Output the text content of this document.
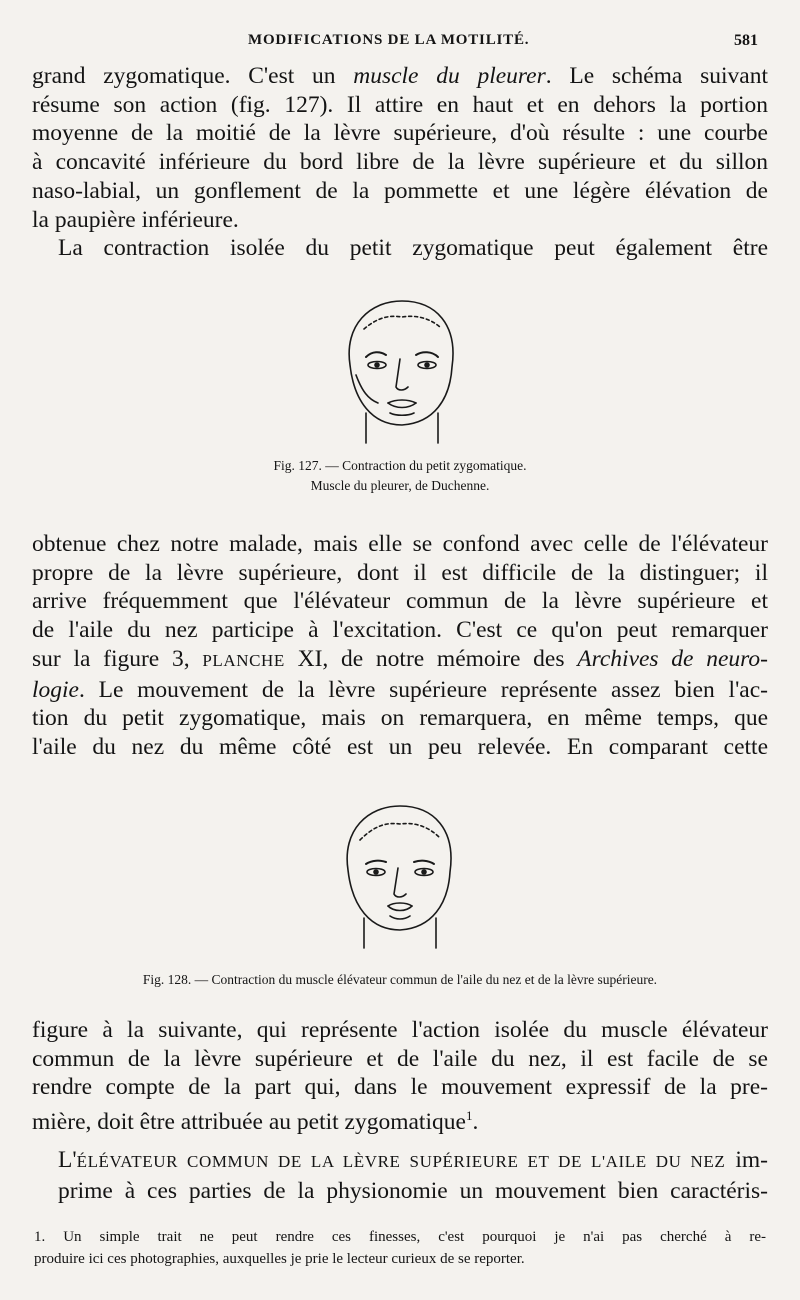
MODIFICATIONS DE LA MOTILITÉ.	581

grand zygomatique. C'est un muscle du pleurer. Le schéma suivant
résume son action (fig. 127). Il attire en haut et en dehors la portion
moyenne de la moitié de la lèvre supérieure, d'où résulte : une courbe
à concavité inférieure du bord libre de la lèvre supérieure et du sillon
naso-labial, un gonflement de la pommette et une légère élévation de
la paupière inférieure.

La contraction isolée du petit zygomatique peut également être

Fig. 127. — Contraction du petit zygomatique.
Muscle du pleurer, de Duchenne.

obtenue chez notre malade, mais elle se confond avec celle de l'élévateur
propre de la lèvre supérieure, dont il est difficile de la distinguer; il
arrive fréquemment que l'élévateur commun de la lèvre supérieure et
de l'aile du nez participe à l'excitation. C'est ce qu'on peut remarquer
sur la figure 3, PLANCHE XI, de notre mémoire des Archives de neuro-
logie. Le mouvement de la lèvre supérieure représente assez bien l'ac-
tion du petit zygomatique, mais on remarquera, en même temps, que
l'aile du nez du même côté est un peu relevée. En comparant cette

Fig. 128. — Contraction du muscle élévateur commun de l'aile du nez et de la lèvre supérieure.

figure à la suivante, qui représente l'action isolée du muscle élévateur
commun de la lèvre supérieure et de l'aile du nez, il est facile de se
rendre compte de la part qui, dans le mouvement expressif de la pre-
mière, doit être attribuée au petit zygomatique$^1$.

L'ÉLÉVATEUR COMMUN DE LA LÈVRE SUPÉRIEURE ET DE L'AILE DU NEZ im-
prime à ces parties de la physionomie un mouvement bien caractéris-

1. Un simple trait ne peut rendre ces finesses, c'est pourquoi je n'ai pas cherché à re-
produire ici ces photographies, auxquelles je prie le lecteur curieux de se reporter.
